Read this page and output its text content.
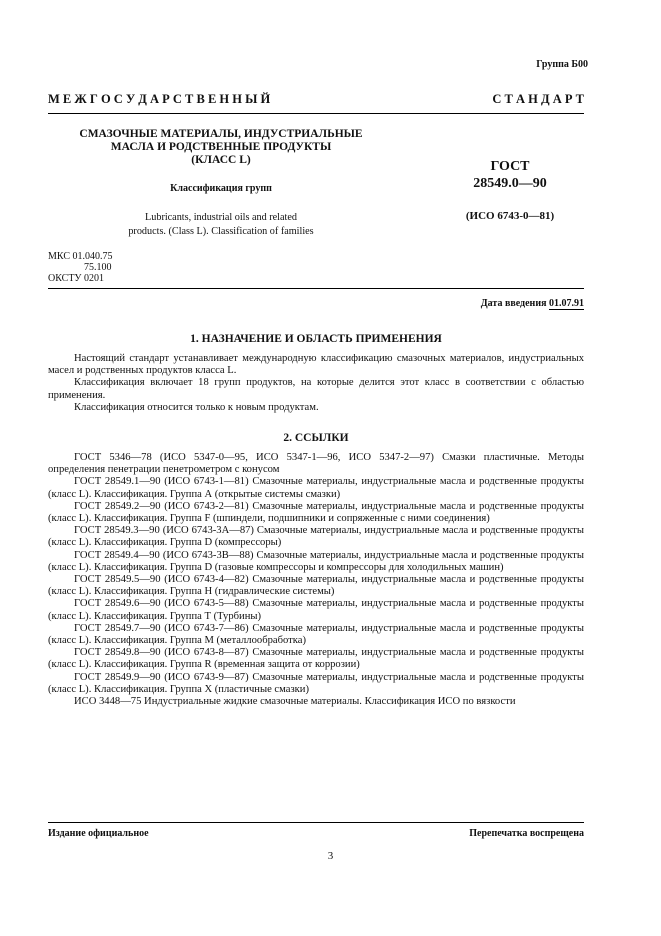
Группа Б00
М Е Ж Г О С У Д А Р С Т В Е Н Н Ы Й	С Т А Н Д А Р Т
СМАЗОЧНЫЕ МАТЕРИАЛЫ, ИНДУСТРИАЛЬНЫЕ
МАСЛА И РОДСТВЕННЫЕ ПРОДУКТЫ
(КЛАСС L)
Классификация групп
Lubricants, industrial oils and related
products. (Class L). Classification of families
ГОСТ
28549.0—90
(ИСО 6743-0—81)
МКС 01.040.75
75.100
ОКСТУ 0201
Дата введения 01.07.91
1. НАЗНАЧЕНИЕ И ОБЛАСТЬ ПРИМЕНЕНИЯ

Настоящий стандарт устанавливает международную классификацию смазочных материалов, индустриальных масел и родственных продуктов класса L.

Классификация включает 18 групп продуктов, на которые делится этот класс в соответствии с областью применения.

Классификация относится только к новым продуктам.

2. ССЫЛКИ

ГОСТ 5346—78 (ИСО 5347-0—95, ИСО 5347-1—96, ИСО 5347-2—97) Смазки пластичные. Методы определения пенетрации пенетрометром с конусом

ГОСТ 28549.1—90 (ИСО 6743-1—81) Смазочные материалы, индустриальные масла и родственные продукты (класс L). Классификация. Группа А (открытые системы смазки)

ГОСТ 28549.2—90 (ИСО 6743-2—81) Смазочные материалы, индустриальные масла и родственные продукты (класс L). Классификация. Группа F (шпиндели, подшипники и сопряженные с ними соединения)

ГОСТ 28549.3—90 (ИСО 6743-3А—87) Смазочные материалы, индустриальные масла и родственные продукты (класс L). Классификация. Группа D (компрессоры)

ГОСТ 28549.4—90 (ИСО 6743-3В—88) Смазочные материалы, индустриальные масла и родственные продукты (класс L). Классификация. Группа D (газовые компрессоры и компрессоры для холодильных машин)

ГОСТ 28549.5—90 (ИСО 6743-4—82) Смазочные материалы, индустриальные масла и родственные продукты (класс L). Классификация. Группа Н (гидравлические системы)

ГОСТ 28549.6—90 (ИСО 6743-5—88) Смазочные материалы, индустриальные масла и родственные продукты (класс L). Классификация. Группа Т (Турбины)

ГОСТ 28549.7—90 (ИСО 6743-7—86) Смазочные материалы, индустриальные масла и родственные продукты (класс L). Классификация. Группа М (металлообработка)

ГОСТ 28549.8—90 (ИСО 6743-8—87) Смазочные материалы, индустриальные масла и родственные продукты (класс L). Классификация. Группа R (временная защита от коррозии)

ГОСТ 28549.9—90 (ИСО 6743-9—87) Смазочные материалы, индустриальные масла и родственные продукты (класс L). Классификация. Группа X (пластичные смазки)

ИСО 3448—75 Индустриальные жидкие смазочные материалы. Классификация ИСО по вязкости

Издание официальное	Перепечатка воспрещена
3
